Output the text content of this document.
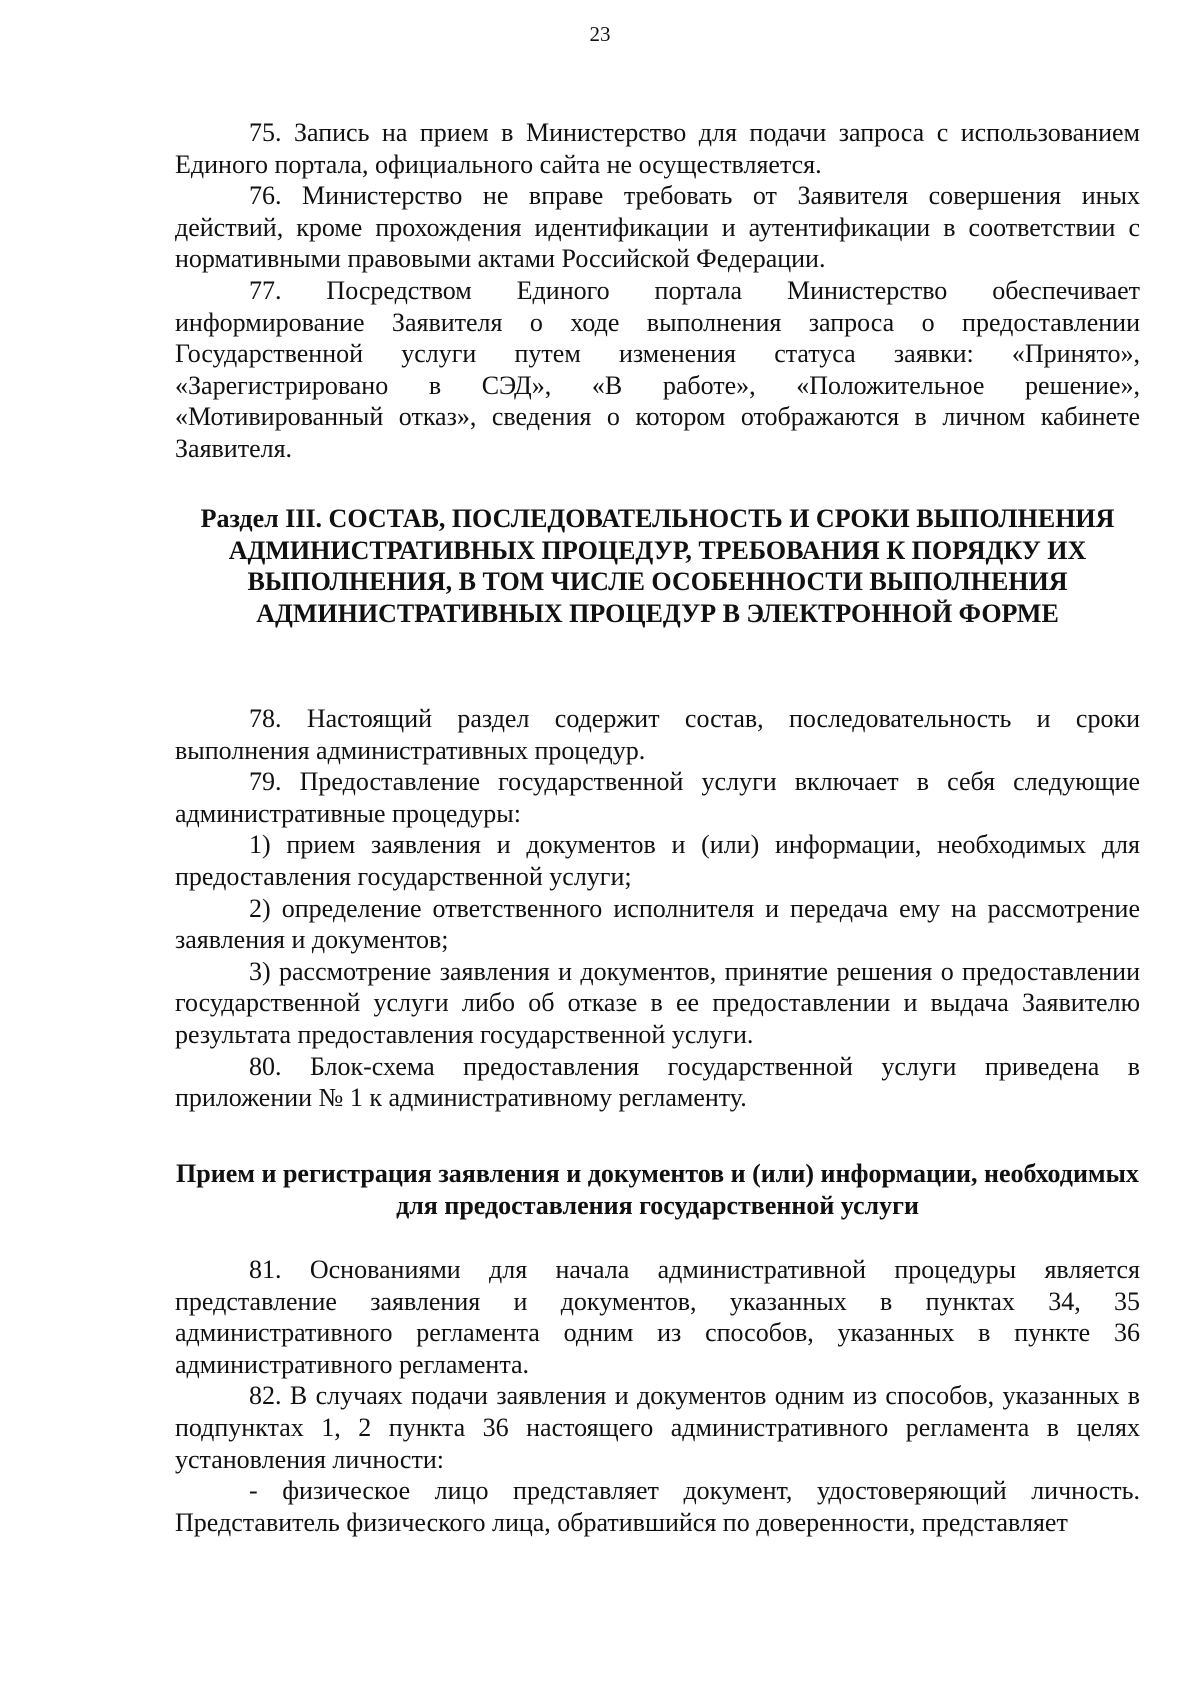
23

75. Запись на прием в Министерство для подачи запроса с использованием Единого портала, официального сайта не осуществляется.

76. Министерство не вправе требовать от Заявителя совершения иных действий, кроме прохождения идентификации и аутентификации в соответствии с нормативными правовыми актами Российской Федерации.

77. Посредством Единого портала Министерство обеспечивает информирование Заявителя о ходе выполнения запроса о предоставлении Государственной услуги путем изменения статуса заявки: «Принято», «Зарегистрировано в СЭД», «В работе», «Положительное решение», «Мотивированный отказ», сведения о котором отображаются в личном кабинете Заявителя.

Раздел III. СОСТАВ, ПОСЛЕДОВАТЕЛЬНОСТЬ И СРОКИ ВЫПОЛНЕНИЯ АДМИНИСТРАТИВНЫХ ПРОЦЕДУР, ТРЕБОВАНИЯ К ПОРЯДКУ ИХ ВЫПОЛНЕНИЯ, В ТОМ ЧИСЛЕ ОСОБЕННОСТИ ВЫПОЛНЕНИЯ АДМИНИСТРАТИВНЫХ ПРОЦЕДУР В ЭЛЕКТРОННОЙ ФОРМЕ

78. Настоящий раздел содержит состав, последовательность и сроки выполнения административных процедур.

79. Предоставление государственной услуги включает в себя следующие административные процедуры:

1) прием заявления и документов и (или) информации, необходимых для предоставления государственной услуги;

2) определение ответственного исполнителя и передача ему на рассмотрение заявления и документов;

3) рассмотрение заявления и документов, принятие решения о предоставлении государственной услуги либо об отказе в ее предоставлении и выдача Заявителю результата предоставления государственной услуги.

80. Блок-схема предоставления государственной услуги приведена в приложении № 1 к административному регламенту.

Прием и регистрация заявления и документов и (или) информации, необходимых для предоставления государственной услуги

81. Основаниями для начала административной процедуры является представление заявления и документов, указанных в пунктах 34, 35 административного регламента одним из способов, указанных в пункте 36 административного регламента.

82. В случаях подачи заявления и документов одним из способов, указанных в подпунктах 1, 2 пункта 36 настоящего административного регламента в целях установления личности:

- физическое лицо представляет документ, удостоверяющий личность. Представитель физического лица, обратившийся по доверенности, представляет
